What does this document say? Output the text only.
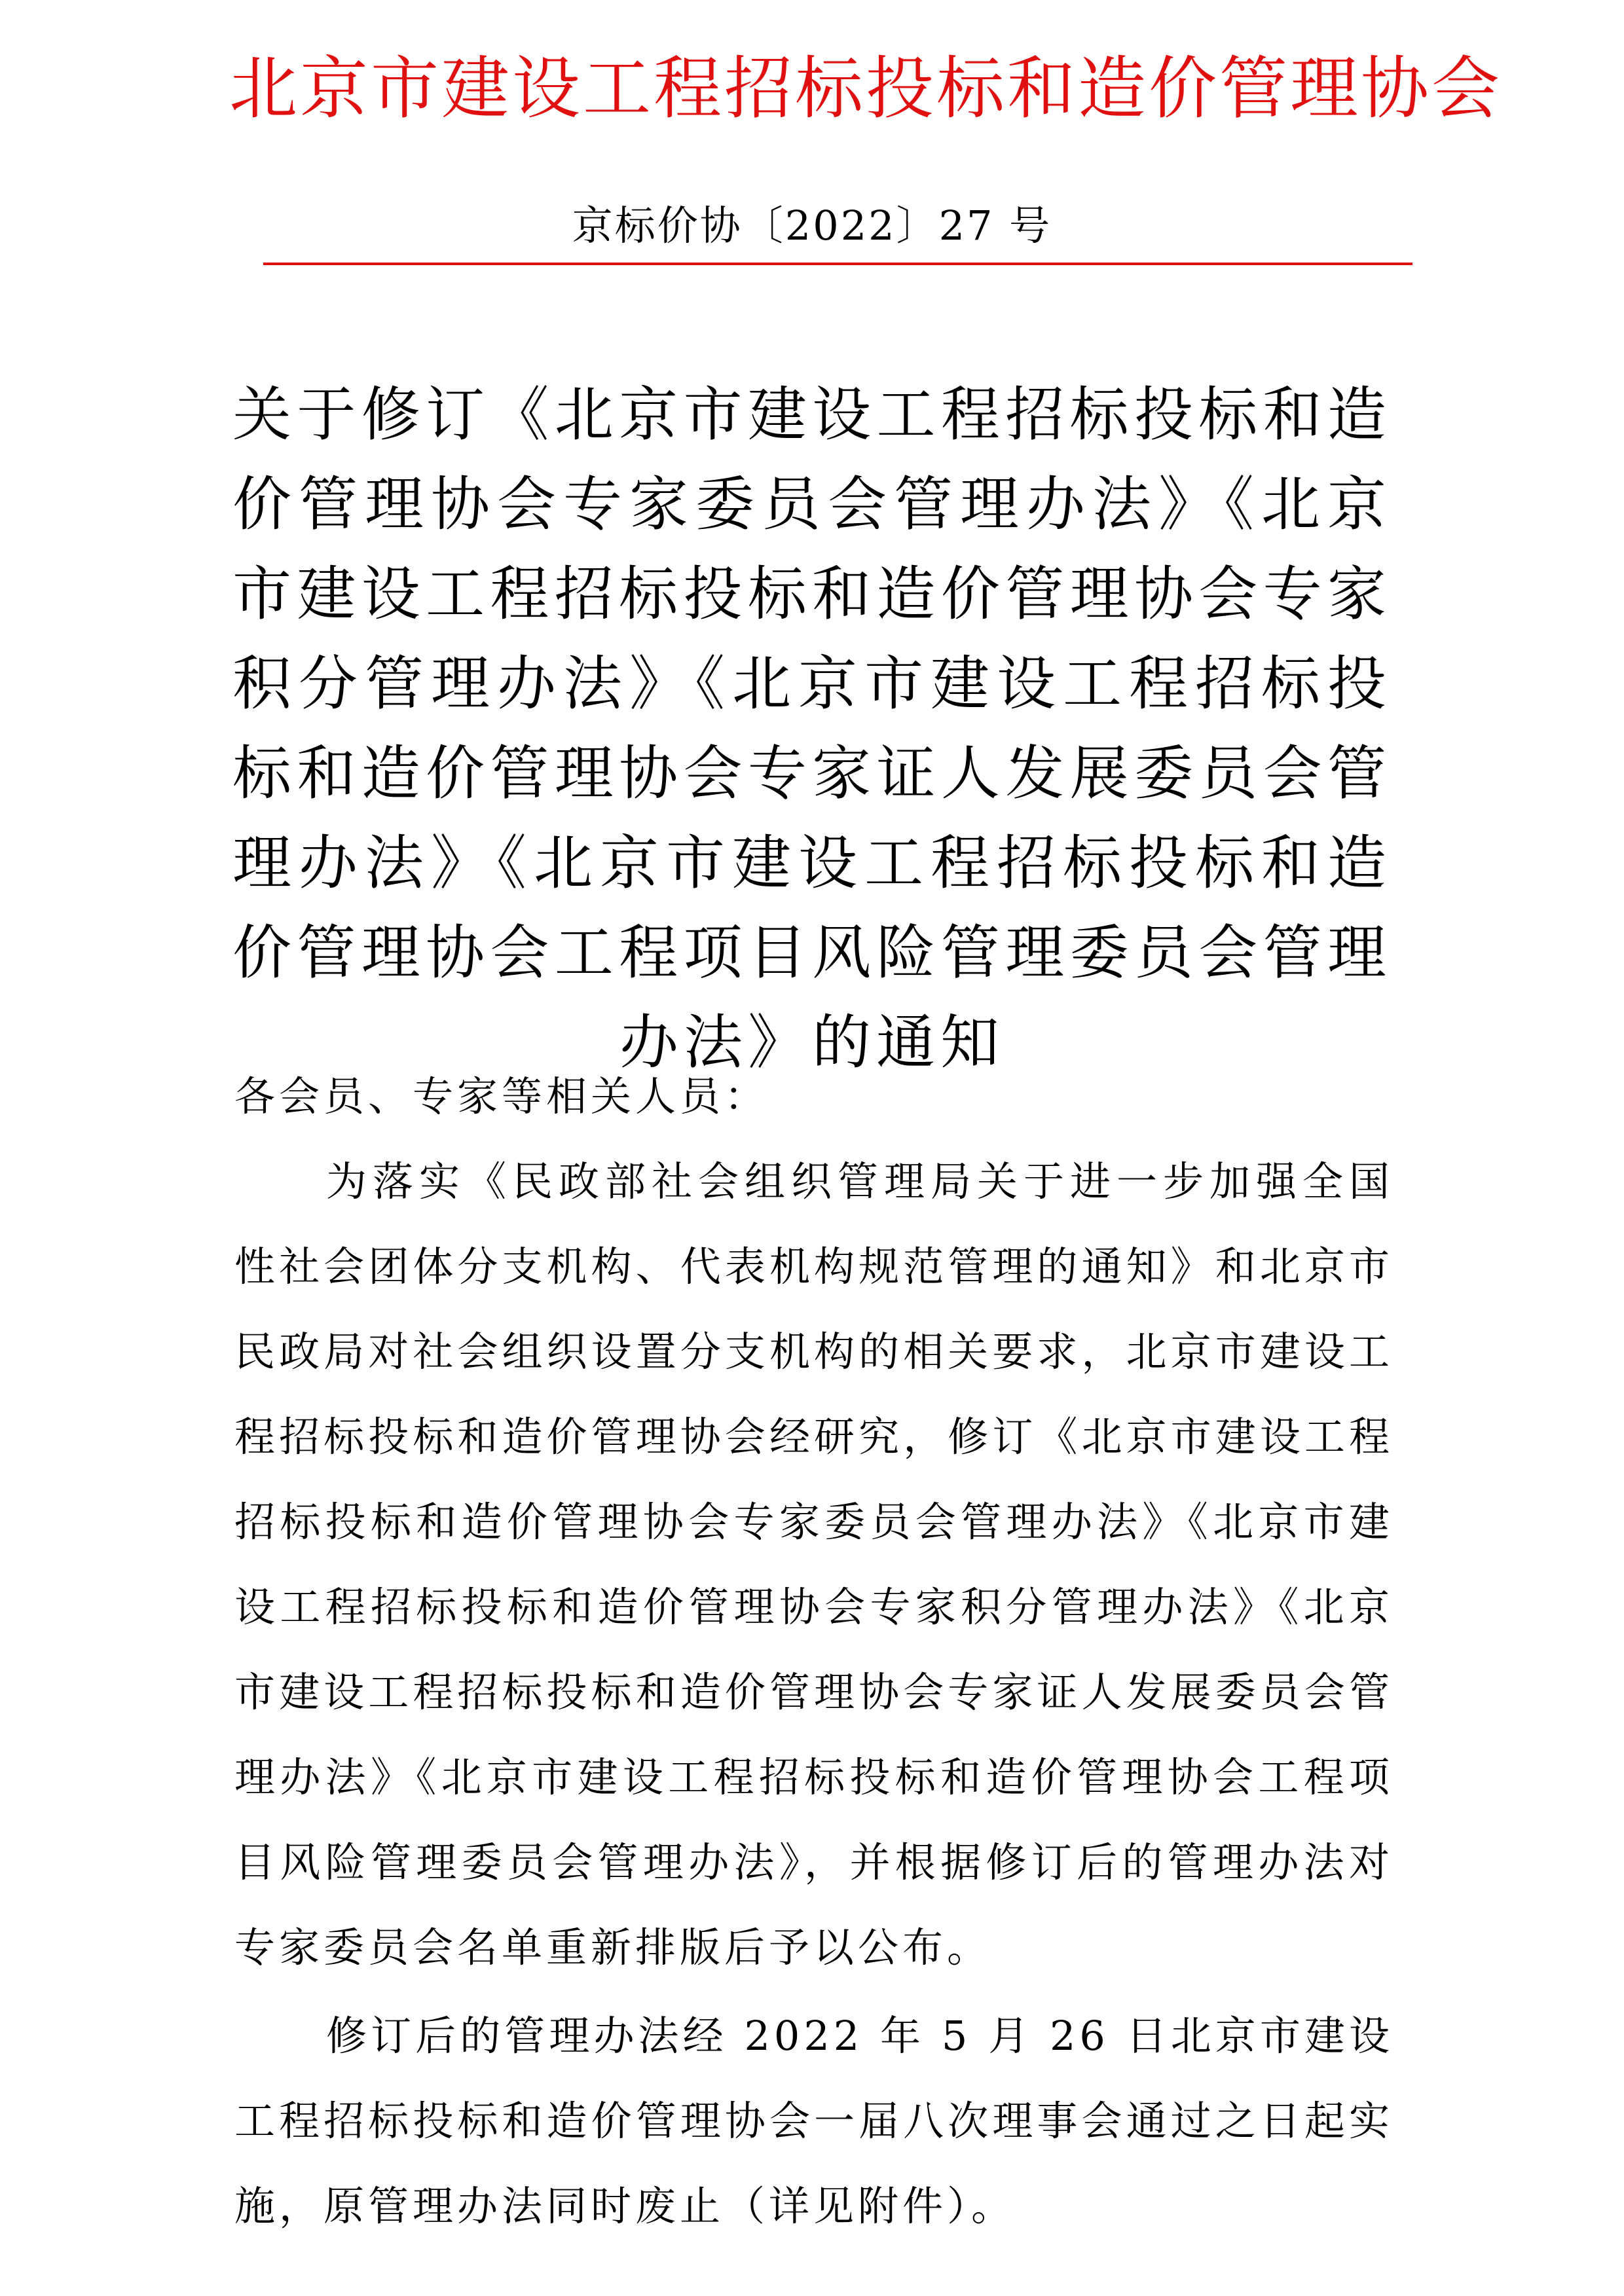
北京市建设工程招标投标和造价管理协会
京标价协〔2022〕27 号
关于修订《北京市建设工程招标投标和造价管理协会专家委员会管理办法》《北京市建设工程招标投标和造价管理协会专家积分管理办法》《北京市建设工程招标投标和造价管理协会专家证人发展委员会管理办法》《北京市建设工程招标投标和造价管理协会工程项目风险管理委员会管理办法》的通知
各会员、专家等相关人员：

为落实《民政部社会组织管理局关于进一步加强全国性社会团体分支机构、代表机构规范管理的通知》和北京市民政局对社会组织设置分支机构的相关要求，北京市建设工程招标投标和造价管理协会经研究，修订《北京市建设工程招标投标和造价管理协会专家委员会管理办法》《北京市建设工程招标投标和造价管理协会专家积分管理办法》《北京市建设工程招标投标和造价管理协会专家证人发展委员会管理办法》《北京市建设工程招标投标和造价管理协会工程项目风险管理委员会管理办法》，并根据修订后的管理办法对专家委员会名单重新排版后予以公布。

修订后的管理办法经 2022 年 5 月 26 日北京市建设工程招标投标和造价管理协会一届八次理事会通过之日起实施，原管理办法同时废止（详见附件）。
